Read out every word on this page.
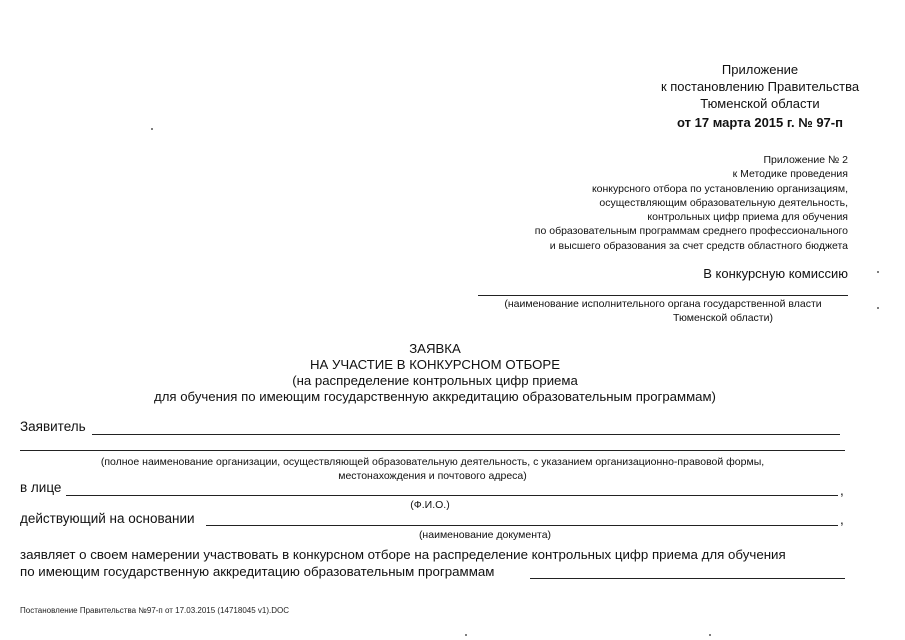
Приложение
к постановлению Правительства
Тюменской области
от 17 марта 2015 г. № 97-п
Приложение № 2
к Методике проведения
конкурсного отбора по установлению организациям,
осуществляющим образовательную деятельность,
контрольных цифр приема для обучения
по образовательным программам среднего профессионального
и высшего образования за счет средств областного бюджета
В конкурсную комиссию
(наименование исполнительного органа государственной власти
Тюменской области)
ЗАЯВКА
НА УЧАСТИЕ В КОНКУРСНОМ ОТБОРЕ
(на распределение контрольных цифр приема
для обучения по имеющим государственную аккредитацию образовательным программам)
Заявитель
(полное наименование организации, осуществляющей образовательную деятельность, с указанием организационно-правовой формы,
местонахождения и почтового адреса)
в лице	,
(Ф.И.О.)
действующий на основании	,
(наименование документа)
заявляет о своем намерении участвовать в конкурсном отборе на распределение контрольных цифр приема для обучения
по имеющим государственную аккредитацию образовательным программам
Постановление Правительства №97-п от 17.03.2015 (14718045 v1).DOC
